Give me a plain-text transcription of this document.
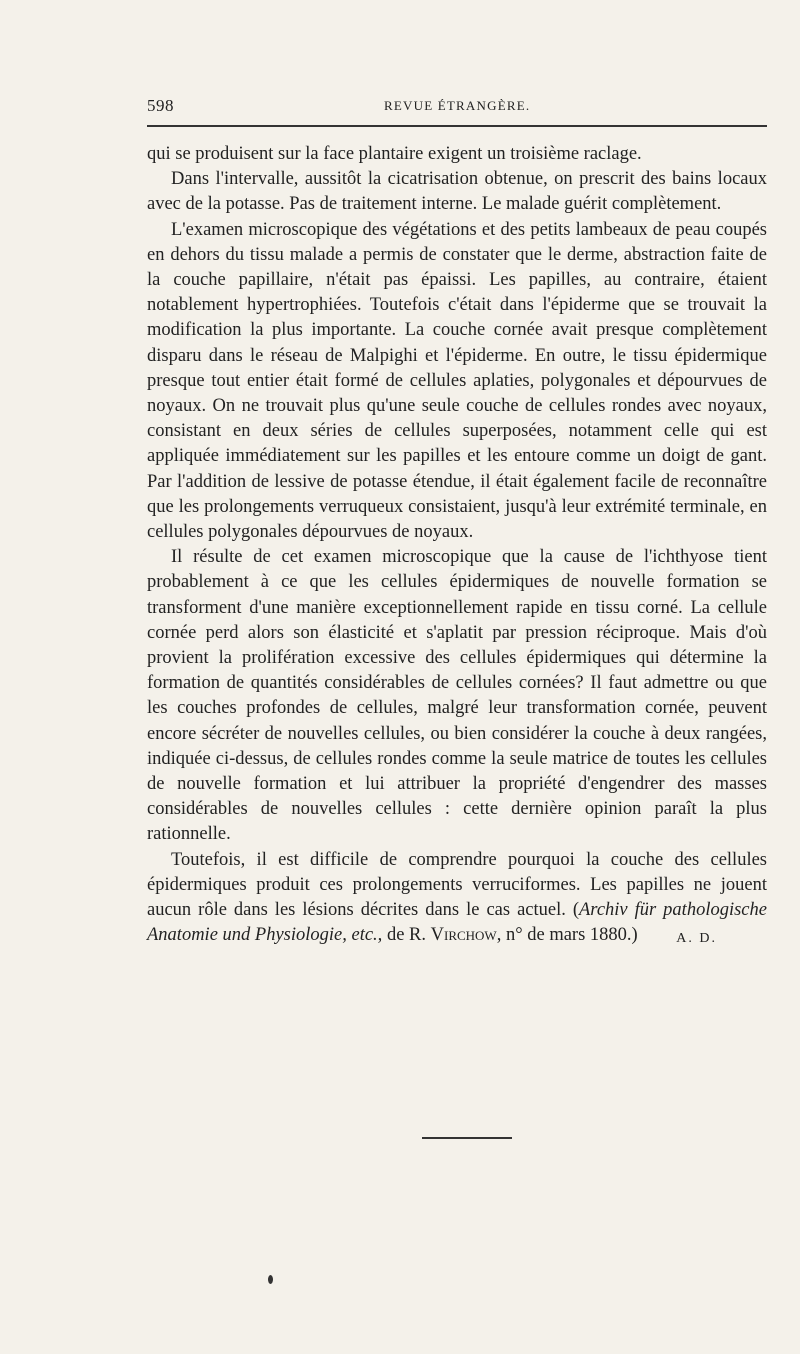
598	REVUE ÉTRANGÈRE.

qui se produisent sur la face plantaire exigent un troisième raclage.

Dans l'intervalle, aussitôt la cicatrisation obtenue, on prescrit des bains locaux avec de la potasse. Pas de traitement interne. Le malade guérit complètement.

L'examen microscopique des végétations et des petits lambeaux de peau coupés en dehors du tissu malade a permis de constater que le derme, abstraction faite de la couche papillaire, n'était pas épaissi. Les papilles, au contraire, étaient notablement hypertrophiées. Toutefois c'était dans l'épiderme que se trouvait la modification la plus importante. La couche cornée avait presque complètement disparu dans le réseau de Malpighi et l'épiderme. En outre, le tissu épidermique presque tout entier était formé de cellules aplaties, polygonales et dépourvues de noyaux. On ne trouvait plus qu'une seule couche de cellules rondes avec noyaux, consistant en deux séries de cellules superposées, notamment celle qui est appliquée immédiatement sur les papilles et les entoure comme un doigt de gant. Par l'addition de lessive de potasse étendue, il était également facile de reconnaître que les prolongements verruqueux consistaient, jusqu'à leur extrémité terminale, en cellules polygonales dépourvues de noyaux.

Il résulte de cet examen microscopique que la cause de l'ichthyose tient probablement à ce que les cellules épidermiques de nouvelle formation se transforment d'une manière exceptionnellement rapide en tissu corné. La cellule cornée perd alors son élasticité et s'aplatit par pression réciproque. Mais d'où provient la prolifération excessive des cellules épidermiques qui détermine la formation de quantités considérables de cellules cornées? Il faut admettre ou que les couches profondes de cellules, malgré leur transformation cornée, peuvent encore sécréter de nouvelles cellules, ou bien considérer la couche à deux rangées, indiquée ci-dessus, de cellules rondes comme la seule matrice de toutes les cellules de nouvelle formation et lui attribuer la propriété d'engendrer des masses considérables de nouvelles cellules : cette dernière opinion paraît la plus rationnelle.

Toutefois, il est difficile de comprendre pourquoi la couche des cellules épidermiques produit ces prolongements verruciformes. Les papilles ne jouent aucun rôle dans les lésions décrites dans le cas actuel. (Archiv für pathologische Anatomie und Physiologie, etc., de R. Virchow, n° de mars 1880.)	A. D.
